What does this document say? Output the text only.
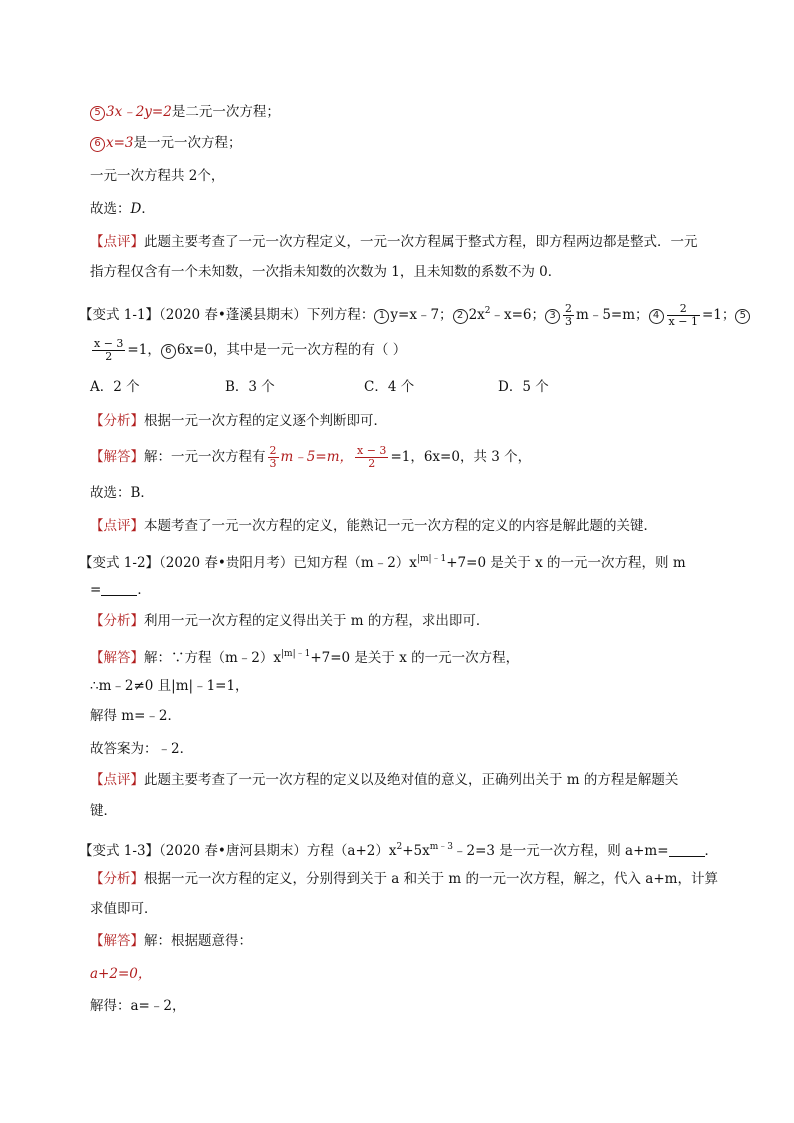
5 3x﹣2y=2是二元一次方程；
6 x=3是一元一次方程；
一元一次方程共 2个，
故选：D．
【点评】此题主要考查了一元一次方程定义，一元一次方程属于整式方程，即方程两边都是整式．一元
指方程仅含有一个未知数，一次指未知数的次数为 1，且未知数的系数不为 0．
【变式 1-1】（2020 春•蓬溪县期末）下列方程： 1 y=x﹣7； 2 $2x^2﹣x=6$； $3 \frac{2}{3}$ m﹣5=m； $4 \frac{2}{x - 1} =1$； 5
$\frac{x - 3}{2} =1$， 6 6x=0，其中是一元一次方程的有（ ）
A．2 个	B．3 个	C．4 个	D．5 个
【分析】根据一元一次方程的定义逐个判断即可．
【解答】解：一元一次方程有 $\frac{2}{3}$ m﹣5=m， $\frac{x - 3}{2} =1$，6x=0，共 3 个，
故选：B．
【点评】本题考查了一元一次方程的定义，能熟记一元一次方程的定义的内容是解此题的关键．
【变式 1-2】（2020 春•贵阳月考）已知方程$(m﹣2)x^{|m|﹣1}+7=0$ 是关于 x 的一元一次方程，则 m
=	．
【分析】利用一元一次方程的定义得出关于 m 的方程，求出即可．
【解答】解：∵方程$(m﹣2)x^{|m|﹣1}+7=0$ 是关于 x 的一元一次方程，
∴m﹣2≠0 且|m|﹣1=1，
解得 m=﹣2．
故答案为：﹣2．
【点评】此题主要考查了一元一次方程的定义以及绝对值的意义，正确列出关于 m 的方程是解题关
键．
【变式 1-3】（2020 春•唐河县期末）方程$(a+2)x^2+5x^{m﹣3}﹣2=3$ 是一元一次方程，则 a+m=	．
【分析】根据一元一次方程的定义，分别得到关于 a 和关于 m 的一元一次方程，解之，代入 a+m，计算
求值即可．
【解答】解：根据题意得：
a+2=0，
解得：a=﹣2，
